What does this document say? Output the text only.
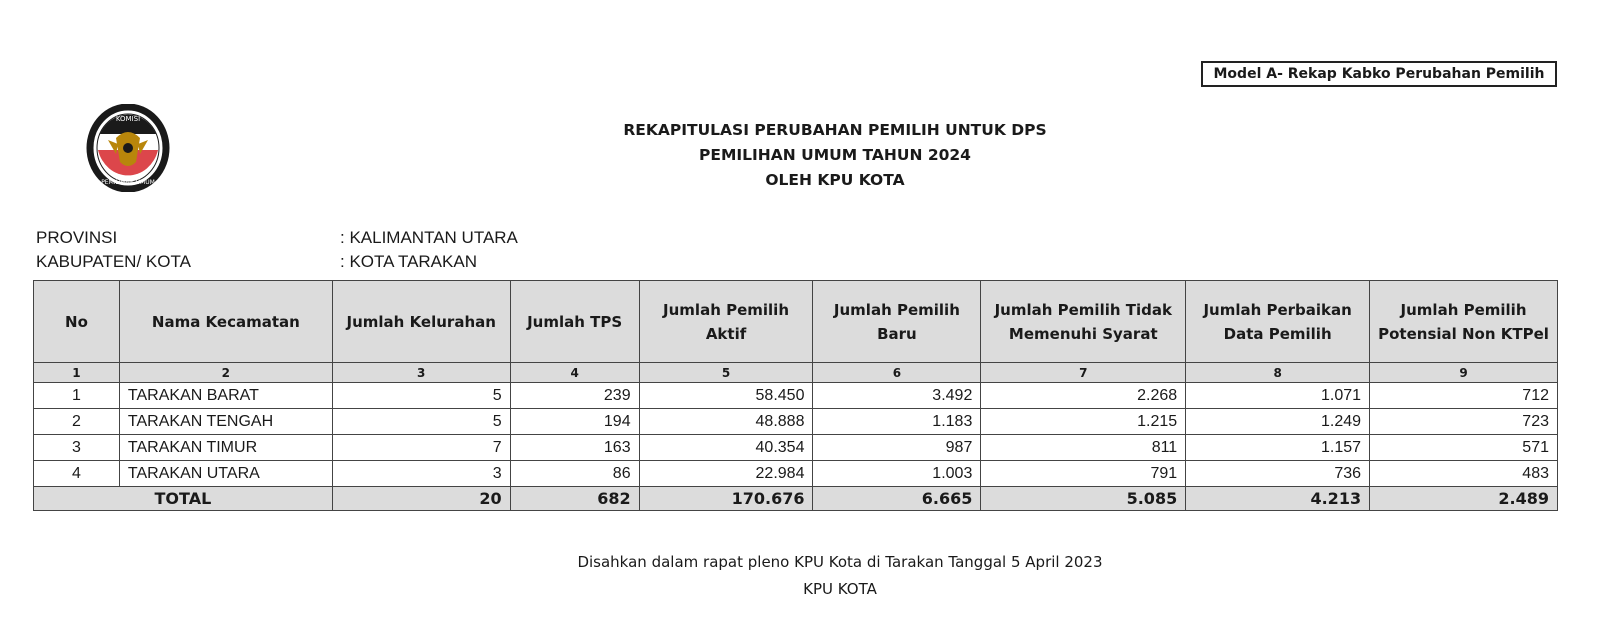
Model A- Rekap Kabko Perubahan Pemilih
KOMISI
PEMILIHAN UMUM
REKAPITULASI PERUBAHAN PEMILIH UNTUK DPS
PEMILIHAN UMUM TAHUN 2024
OLEH KPU KOTA
PROVINSI	: KALIMANTAN UTARA
KABUPATEN/ KOTA	: KOTA TARAKAN
No	Nama Kecamatan	Jumlah Kelurahan	Jumlah TPS	Jumlah Pemilih Aktif	Jumlah Pemilih Baru	Jumlah Pemilih Tidak Memenuhi Syarat	Jumlah Perbaikan Data Pemilih	Jumlah Pemilih Potensial Non KTPel
1	2	3	4	5	6	7	8	9
1	TARAKAN BARAT	5	239	58.450	3.492	2.268	1.071	712
2	TARAKAN TENGAH	5	194	48.888	1.183	1.215	1.249	723
3	TARAKAN TIMUR	7	163	40.354	987	811	1.157	571
4	TARAKAN UTARA	3	86	22.984	1.003	791	736	483
TOTAL		20	682	170.676	6.665	5.085	4.213	2.489
Disahkan dalam rapat pleno KPU Kota di Tarakan Tanggal 5 April 2023
KPU KOTA
